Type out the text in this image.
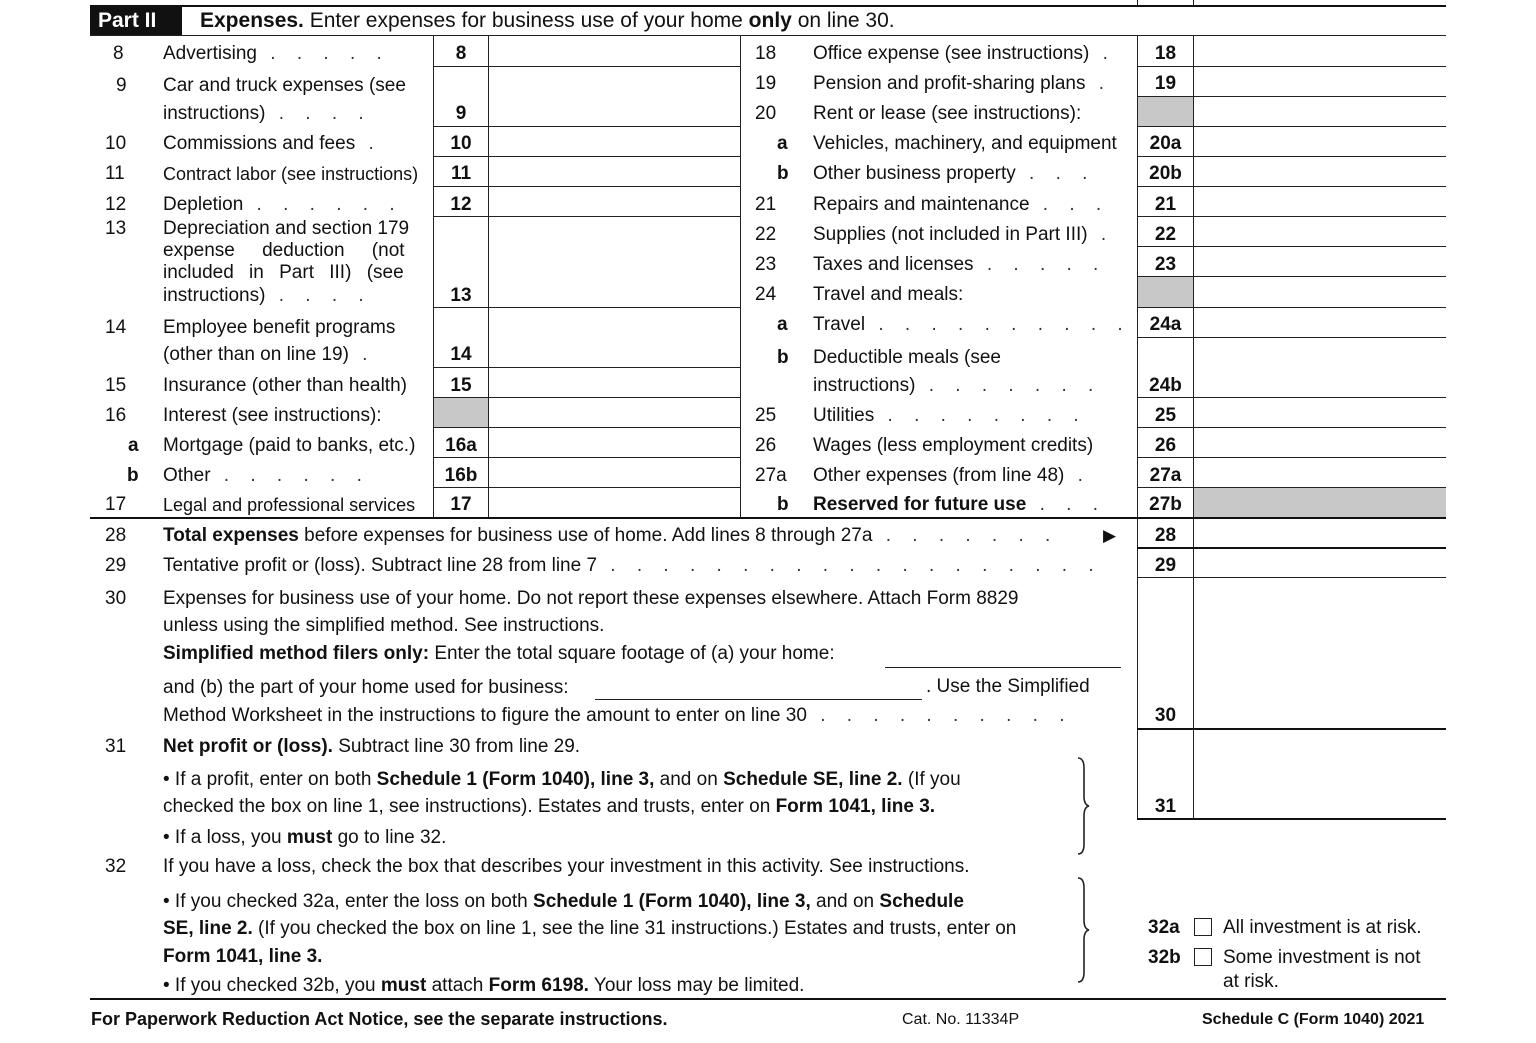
Part II Expenses. Enter expenses for business use of your home only on line 30.
8 Advertising . . . . .	8
9 Car and truck expenses (see
instructions) . . . .	9
10 Commissions and fees .	10
11 Contract labor (see instructions)	11
12 Depletion . . . . . .	12
13 Depreciation and section 179
expense deduction (not
included in Part III) (see
instructions) . . . .	13
14 Employee benefit programs
(other than on line 19) .	14
15 Insurance (other than health)	15
16 Interest (see instructions):
a Mortgage (paid to banks, etc.)	16a
b Other . . . . . .	16b
17 Legal and professional services	17
18 Office expense (see instructions) .	18
19 Pension and profit-sharing plans .	19
20 Rent or lease (see instructions):
a Vehicles, machinery, and equipment	20a
b Other business property . . .	20b
21 Repairs and maintenance . . .	21
22 Supplies (not included in Part III) .	22
23 Taxes and licenses . . . . .	23
24 Travel and meals:
a Travel . . . . . . . . . . 24a
b Deductible meals (see
instructions) . . . . . . .	24b
25 Utilities . . . . . . . .	25
26 Wages (less employment credits)	26
27a Other expenses (from line 48) .	27a
b Reserved for future use . . .	27b
28 Total expenses before expenses for business use of home. Add lines 8 through 27a . . . . . . .	▶	28
29 Tentative profit or (loss). Subtract line 28 from line 7 . . . . . . . . . . . . . . . . . . .	29
30 Expenses for business use of your home. Do not report these expenses elsewhere. Attach Form 8829
unless using the simplified method. See instructions.
Simplified method filers only: Enter the total square footage of (a) your home:
and (b) the part of your home used for business:	. Use the Simplified
Method Worksheet in the instructions to figure the amount to enter on line 30 . . . . . . . . . .	30
31 Net profit or (loss). Subtract line 30 from line 29.
• If a profit, enter on both Schedule 1 (Form 1040), line 3, and on Schedule SE, line 2. (If you
checked the box on line 1, see instructions). Estates and trusts, enter on Form 1041, line 3.
• If a loss, you must go to line 32.
31
32 If you have a loss, check the box that describes your investment in this activity. See instructions.
• If you checked 32a, enter the loss on both Schedule 1 (Form 1040), line 3, and on Schedule
SE, line 2. (If you checked the box on line 1, see the line 31 instructions.) Estates and trusts, enter on
Form 1041, line 3.
• If you checked 32b, you must attach Form 6198. Your loss may be limited.
32a All investment is at risk.
32b Some investment is not
at risk.
For Paperwork Reduction Act Notice, see the separate instructions.	Cat. No. 11334P	Schedule C (Form 1040) 2021
